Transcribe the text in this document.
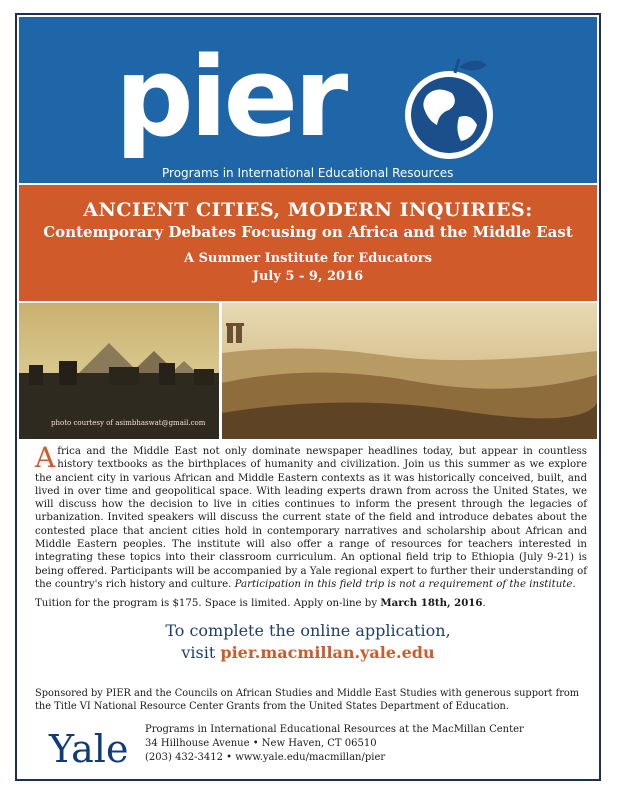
pier
Programs in International Educational Resources
ANCIENT CITIES, MODERN INQUIRIES:
Contemporary Debates Focusing on Africa and the Middle East
A Summer Institute for Educators
July 5 - 9, 2016
photo courtesy of asimbhaswat@gmail.com
Africa and the Middle East not only dominate newspaper headlines today, but appear in countless history textbooks as the birthplaces of humanity and civilization. Join us this summer as we explore the ancient city in various African and Middle Eastern contexts as it was historically conceived, built, and lived in over time and geopolitical space. With leading experts drawn from across the United States, we will discuss how the decision to live in cities continues to inform the present through the legacies of urbanization. Invited speakers will discuss the current state of the field and introduce debates about the contested place that ancient cities hold in contemporary narratives and scholarship about African and Middle Eastern peoples. The institute will also offer a range of resources for teachers interested in integrating these topics into their classroom curriculum. An optional field trip to Ethiopia (July 9-21) is being offered. Participants will be accompanied by a Yale regional expert to further their understanding of the country's rich history and culture. Participation in this field trip is not a requirement of the institute.
Tuition for the program is $175. Space is limited. Apply on-line by March 18th, 2016.
To complete the online application,
visit pier.macmillan.yale.edu
Sponsored by PIER and the Councils on African Studies and Middle East Studies with generous support from the Title VI National Resource Center Grants from the United States Department of Education.
Yale Programs in International Educational Resources at the MacMillan Center
34 Hillhouse Avenue • New Haven, CT 06510
(203) 432-3412 • www.yale.edu/macmillan/pier
